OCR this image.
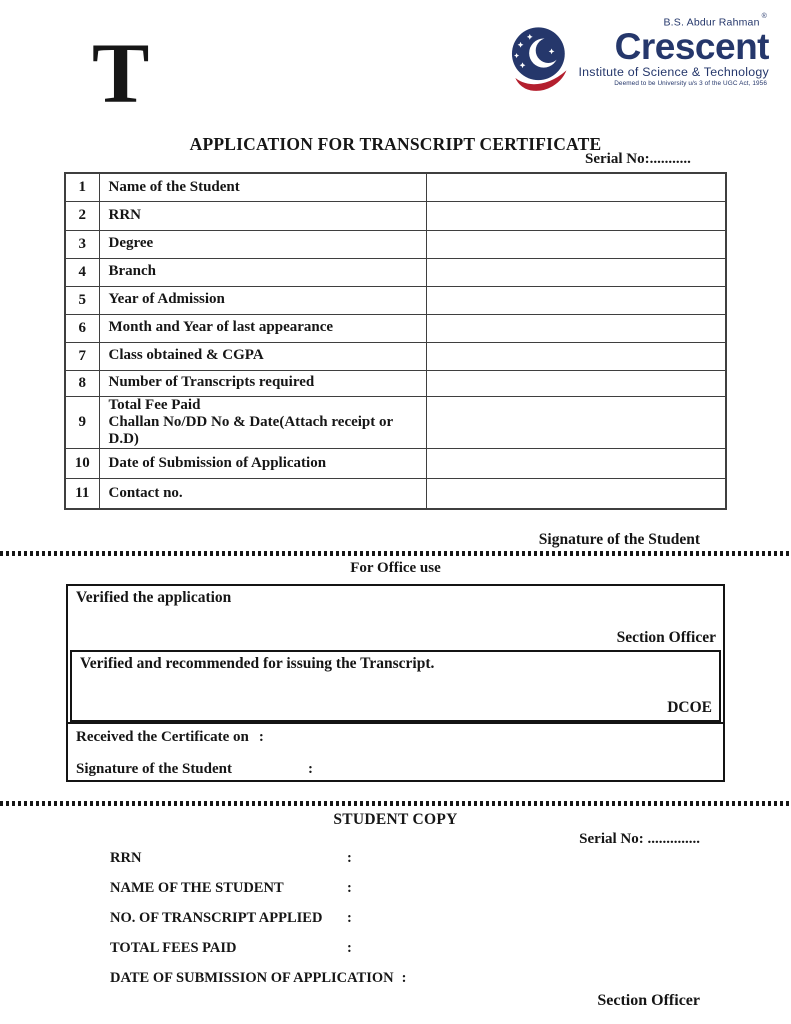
T
B.S. Abdur Rahman ®
Crescent
Institute of Science & Technology
Deemed to be University u/s 3 of the UGC Act, 1956
APPLICATION FOR TRANSCRIPT CERTIFICATE
Serial No:...........
1	Name of the Student	
2	RRN	
3	Degree	
4	Branch	
5	Year of Admission	
6	Month and Year of last appearance	
7	Class obtained & CGPA	
8	Number of Transcripts required	
9	Total Fee Paid
Challan No/DD No & Date(Attach receipt or D.D)	

10	Date of Submission of Application	
11	Contact no.	
Signature of the Student
For Office use
Verified the application
Section Officer
Verified and recommended for issuing the Transcript.
DCOE
Received the Certificate on :
Signature of the Student	:
STUDENT COPY
Serial No: ..............
RRN	:
NAME OF THE STUDENT	:
NO. OF TRANSCRIPT APPLIED	:
TOTAL FEES PAID	:
DATE OF SUBMISSION OF APPLICATION :
Section Officer
